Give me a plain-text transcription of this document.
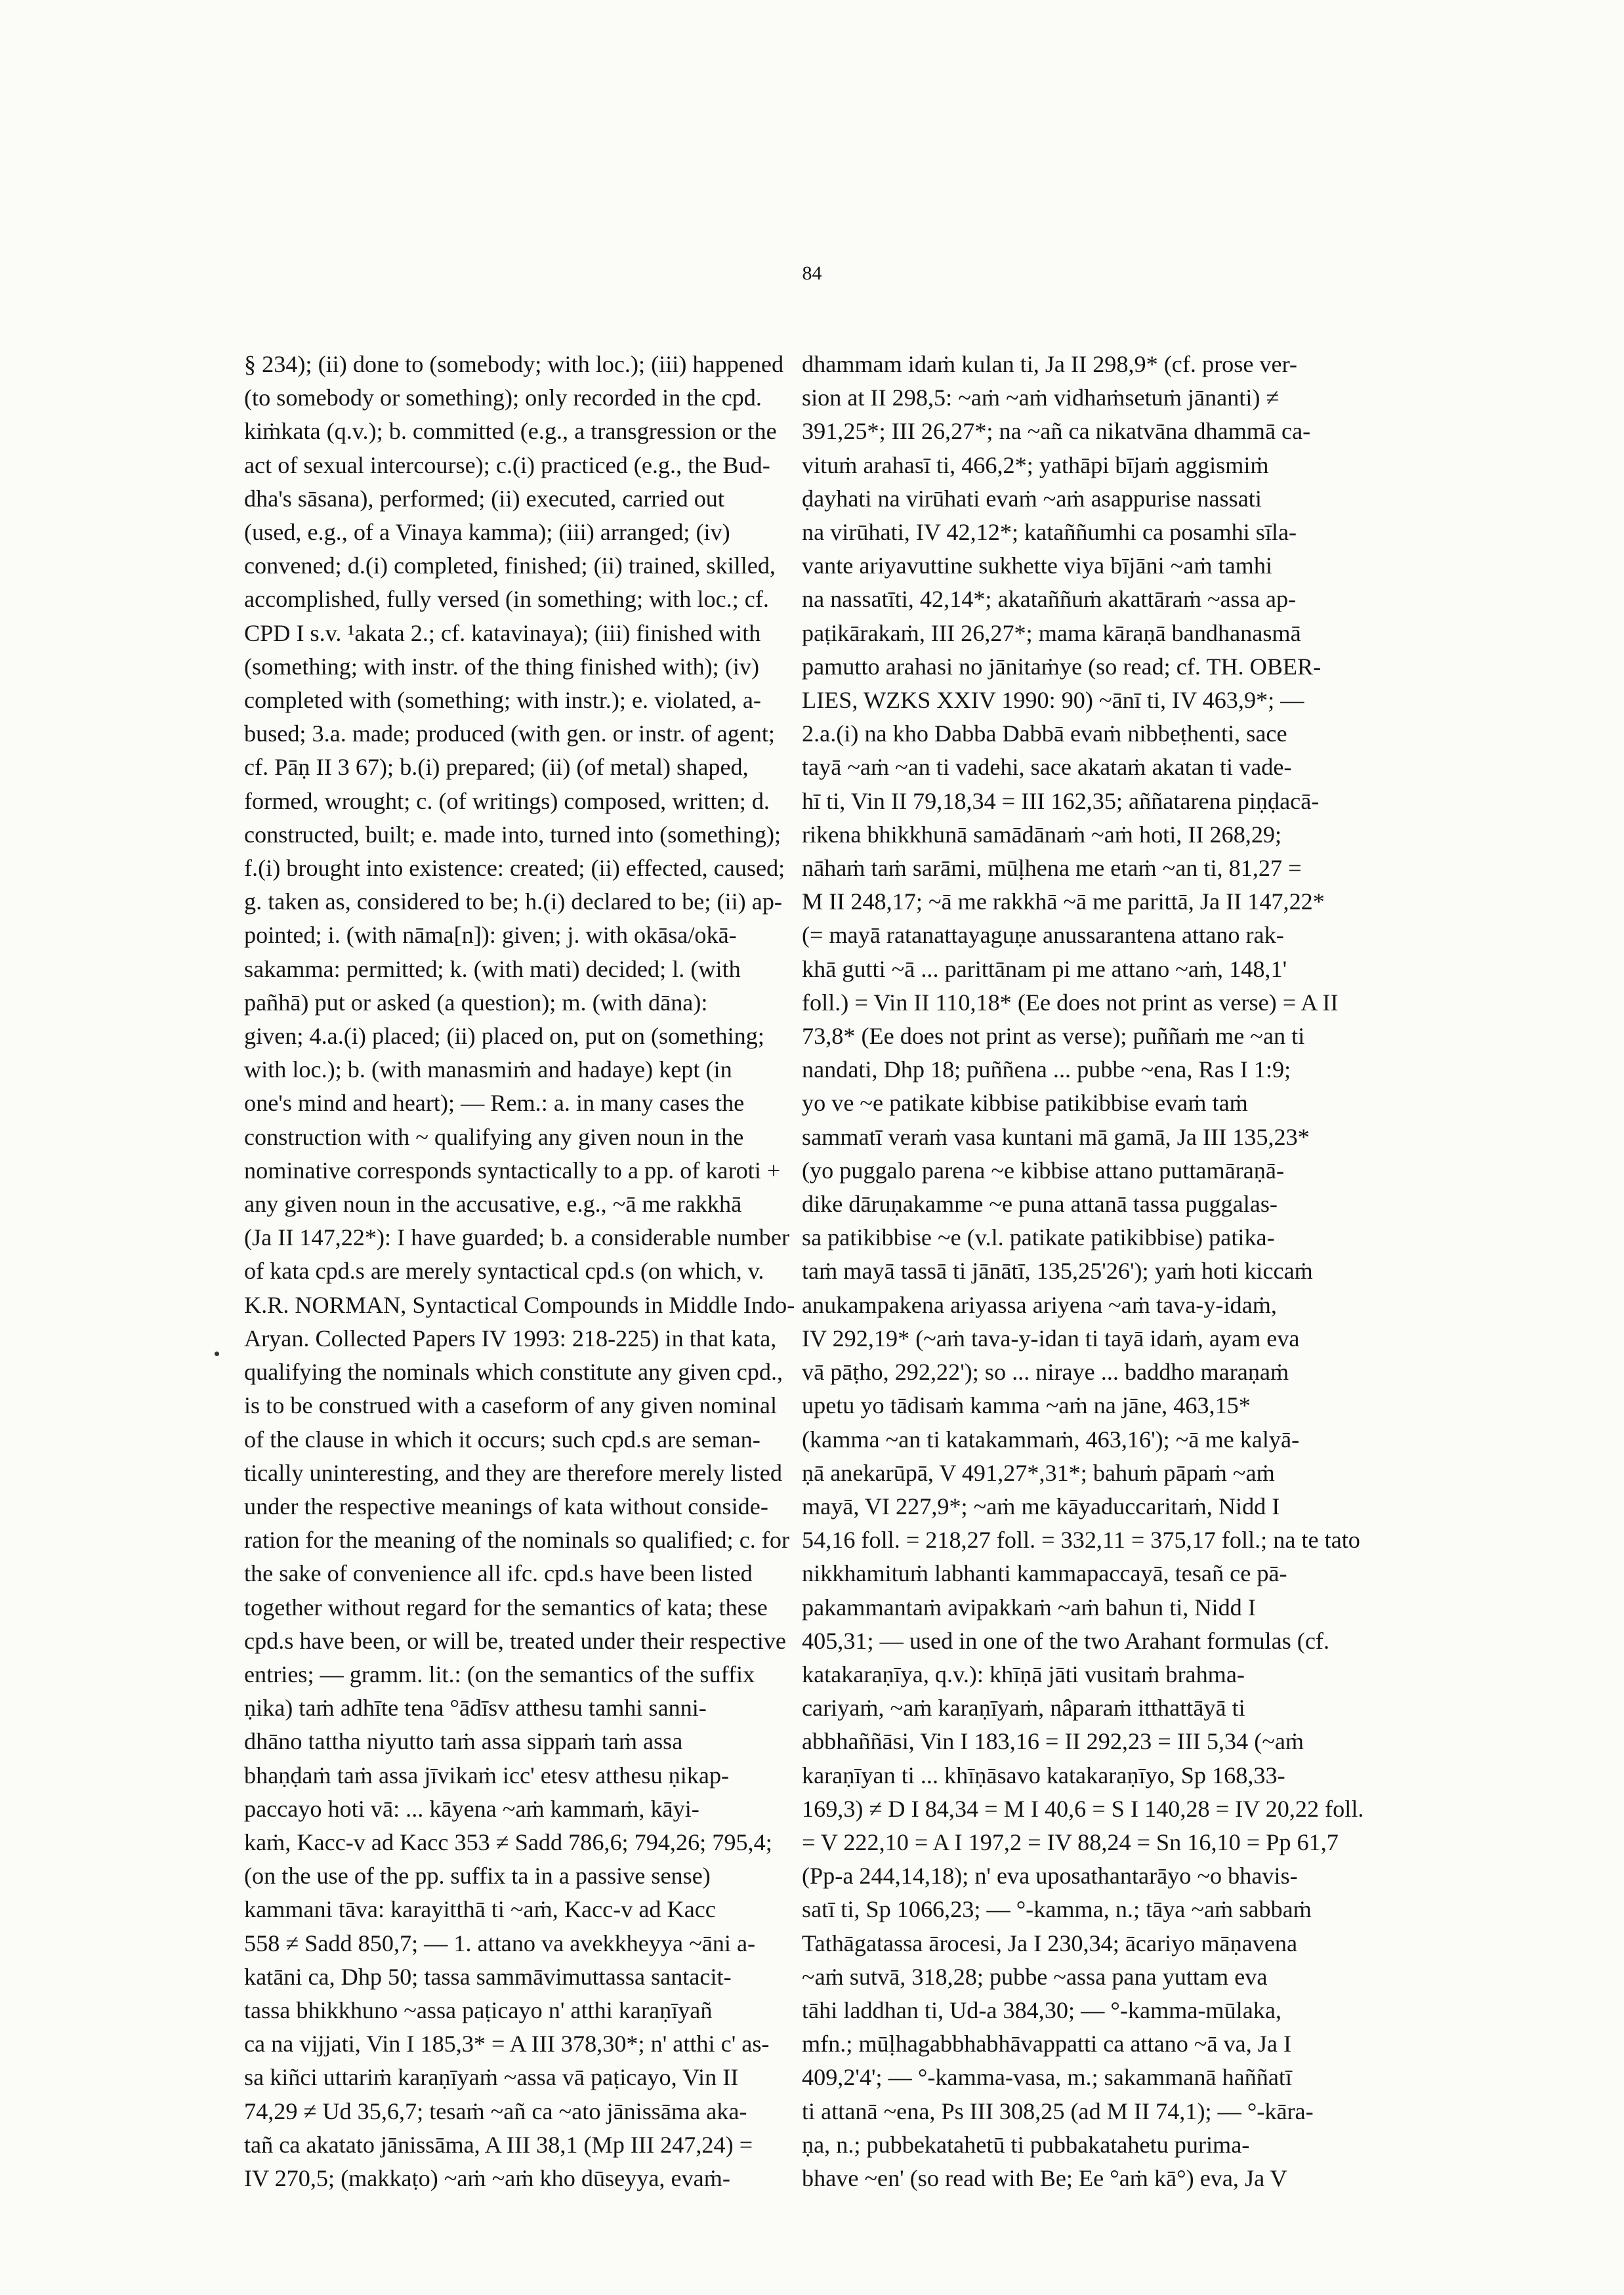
84
§ 234); (ii) done to (somebody; with loc.); (iii) happened
(to somebody or something); only recorded in the cpd.
kiṁkata (q.v.); b. committed (e.g., a transgression or the
act of sexual intercourse); c.(i) practiced (e.g., the Bud-
dha's sāsana), performed; (ii) executed, carried out
(used, e.g., of a Vinaya kamma); (iii) arranged; (iv)
convened; d.(i) completed, finished; (ii) trained, skilled,
accomplished, fully versed (in something; with loc.; cf.
CPD I s.v. ¹akata 2.; cf. katavinaya); (iii) finished with
(something; with instr. of the thing finished with); (iv)
completed with (something; with instr.); e. violated, a-
bused; 3.a. made; produced (with gen. or instr. of agent;
cf. Pāṇ II 3 67); b.(i) prepared; (ii) (of metal) shaped,
formed, wrought; c. (of writings) composed, written; d.
constructed, built; e. made into, turned into (something);
f.(i) brought into existence: created; (ii) effected, caused;
g. taken as, considered to be; h.(i) declared to be; (ii) ap-
pointed; i. (with nāma[n]): given; j. with okāsa/okā-
sakamma: permitted; k. (with mati) decided; l. (with
pañhā) put or asked (a question); m. (with dāna):
given; 4.a.(i) placed; (ii) placed on, put on (something;
with loc.); b. (with manasmiṁ and hadaye) kept (in
one's mind and heart); — Rem.: a. in many cases the
construction with ~ qualifying any given noun in the
nominative corresponds syntactically to a pp. of karoti +
any given noun in the accusative, e.g., ~ā me rakkhā
(Ja II 147,22*): I have guarded; b. a considerable number
of kata cpd.s are merely syntactical cpd.s (on which, v.
K.R. NORMAN, Syntactical Compounds in Middle Indo-
Aryan. Collected Papers IV 1993: 218-225) in that kata,
qualifying the nominals which constitute any given cpd.,
is to be construed with a caseform of any given nominal
of the clause in which it occurs; such cpd.s are seman-
tically uninteresting, and they are therefore merely listed
under the respective meanings of kata without conside-
ration for the meaning of the nominals so qualified; c. for
the sake of convenience all ifc. cpd.s have been listed
together without regard for the semantics of kata; these
cpd.s have been, or will be, treated under their respective
entries; — gramm. lit.: (on the semantics of the suffix
ṇika) taṁ adhīte tena °ādīsv atthesu tamhi sanni-
dhāno tattha niyutto taṁ assa sippaṁ taṁ assa
bhaṇḍaṁ taṁ assa jīvikaṁ icc' etesv atthesu ṇikap-
paccayo hoti vā: ... kāyena ~aṁ kammaṁ, kāyi-
kaṁ, Kacc-v ad Kacc 353 ≠ Sadd 786,6; 794,26; 795,4;
(on the use of the pp. suffix ta in a passive sense)
kammani tāva: karayitthā ti ~aṁ, Kacc-v ad Kacc
558 ≠ Sadd 850,7; — 1. attano va avekkheyya ~āni a-
katāni ca, Dhp 50; tassa sammāvimuttassa santacit-
tassa bhikkhuno ~assa paṭicayo n' atthi karaṇīyañ
ca na vijjati, Vin I 185,3* = A III 378,30*; n' atthi c' as-
sa kiñci uttariṁ karaṇīyaṁ ~assa vā paṭicayo, Vin II
74,29 ≠ Ud 35,6,7; tesaṁ ~añ ca ~ato jānissāma aka-
tañ ca akatato jānissāma, A III 38,1 (Mp III 247,24) =
IV 270,5; (makkaṭo) ~aṁ ~aṁ kho dūseyya, evaṁ-
dhammam idaṁ kulan ti, Ja II 298,9* (cf. prose ver-
sion at II 298,5: ~aṁ ~aṁ vidhaṁsetuṁ jānanti) ≠
391,25*; III 26,27*; na ~añ ca nikatvāna dhammā ca-
vituṁ arahasī ti, 466,2*; yathāpi bījaṁ aggismiṁ
ḍayhati na virūhati evaṁ ~aṁ asappurise nassati
na virūhati, IV 42,12*; kataññumhi ca posamhi sīla-
vante ariyavuttine sukhette viya bījāni ~aṁ tamhi
na nassatīti, 42,14*; akataññuṁ akattāraṁ ~assa ap-
paṭikārakaṁ, III 26,27*; mama kāraṇā bandhanasmā
pamutto arahasi no jānitaṁye (so read; cf. TH. OBER-
LIES, WZKS XXIV 1990: 90) ~ānī ti, IV 463,9*; —
2.a.(i) na kho Dabba Dabbā evaṁ nibbeṭhenti, sace
tayā ~aṁ ~an ti vadehi, sace akataṁ akatan ti vade-
hī ti, Vin II 79,18,34 = III 162,35; aññatarena piṇḍacā-
rikena bhikkhunā samādānaṁ ~aṁ hoti, II 268,29;
nāhaṁ taṁ sarāmi, mūḷhena me etaṁ ~an ti, 81,27 =
M II 248,17; ~ā me rakkhā ~ā me parittā, Ja II 147,22*
(= mayā ratanattayaguṇe anussarantena attano rak-
khā gutti ~ā ... parittānam pi me attano ~aṁ, 148,1'
foll.) = Vin II 110,18* (Ee does not print as verse) = A II
73,8* (Ee does not print as verse); puññaṁ me ~an ti
nandati, Dhp 18; puññena ... pubbe ~ena, Ras I 1:9;
yo ve ~e patikate kibbise patikibbise evaṁ taṁ
sammatī veraṁ vasa kuntani mā gamā, Ja III 135,23*
(yo puggalo parena ~e kibbise attano puttamāraṇā-
dike dāruṇakamme ~e puna attanā tassa puggalas-
sa patikibbise ~e (v.l. patikate patikibbise) patika-
taṁ mayā tassā ti jānātī, 135,25'26'); yaṁ hoti kiccaṁ
anukampakena ariyassa ariyena ~aṁ tava-y-idaṁ,
IV 292,19* (~aṁ tava-y-idan ti tayā idaṁ, ayam eva
vā pāṭho, 292,22'); so ... niraye ... baddho maraṇaṁ
upetu yo tādisaṁ kamma ~aṁ na jāne, 463,15*
(kamma ~an ti katakammaṁ, 463,16'); ~ā me kalyā-
ṇā anekarūpā, V 491,27*,31*; bahuṁ pāpaṁ ~aṁ
mayā, VI 227,9*; ~aṁ me kāyaduccaritaṁ, Nidd I
54,16 foll. = 218,27 foll. = 332,11 = 375,17 foll.; na te tato
nikkhamituṁ labhanti kammapaccayā, tesañ ce pā-
pakammantaṁ avipakkaṁ ~aṁ bahun ti, Nidd I
405,31; — used in one of the two Arahant formulas (cf.
katakaraṇīya, q.v.): khīṇā jāti vusitaṁ brahma-
cariyaṁ, ~aṁ karaṇīyaṁ, nâparaṁ itthattāyā ti
abbhaññāsi, Vin I 183,16 = II 292,23 = III 5,34 (~aṁ
karaṇīyan ti ... khīṇāsavo katakaraṇīyo, Sp 168,33-
169,3) ≠ D I 84,34 = M I 40,6 = S I 140,28 = IV 20,22 foll.
= V 222,10 = A I 197,2 = IV 88,24 = Sn 16,10 = Pp 61,7
(Pp-a 244,14,18); n' eva uposathantarāyo ~o bhavis-
satī ti, Sp 1066,23; — °-kamma, n.; tāya ~aṁ sabbaṁ
Tathāgatassa ārocesi, Ja I 230,34; ācariyo māṇavena
~aṁ sutvā, 318,28; pubbe ~assa pana yuttam eva
tāhi laddhan ti, Ud-a 384,30; — °-kamma-mūlaka,
mfn.; mūḷhagabbhabhāvappatti ca attano ~ā va, Ja I
409,2'4'; — °-kamma-vasa, m.; sakammanā haññatī
ti attanā ~ena, Ps III 308,25 (ad M II 74,1); — °-kāra-
ṇa, n.; pubbekatahetū ti pubbakatahetu purima-
bhave ~en' (so read with Be; Ee °aṁ kā°) eva, Ja V
